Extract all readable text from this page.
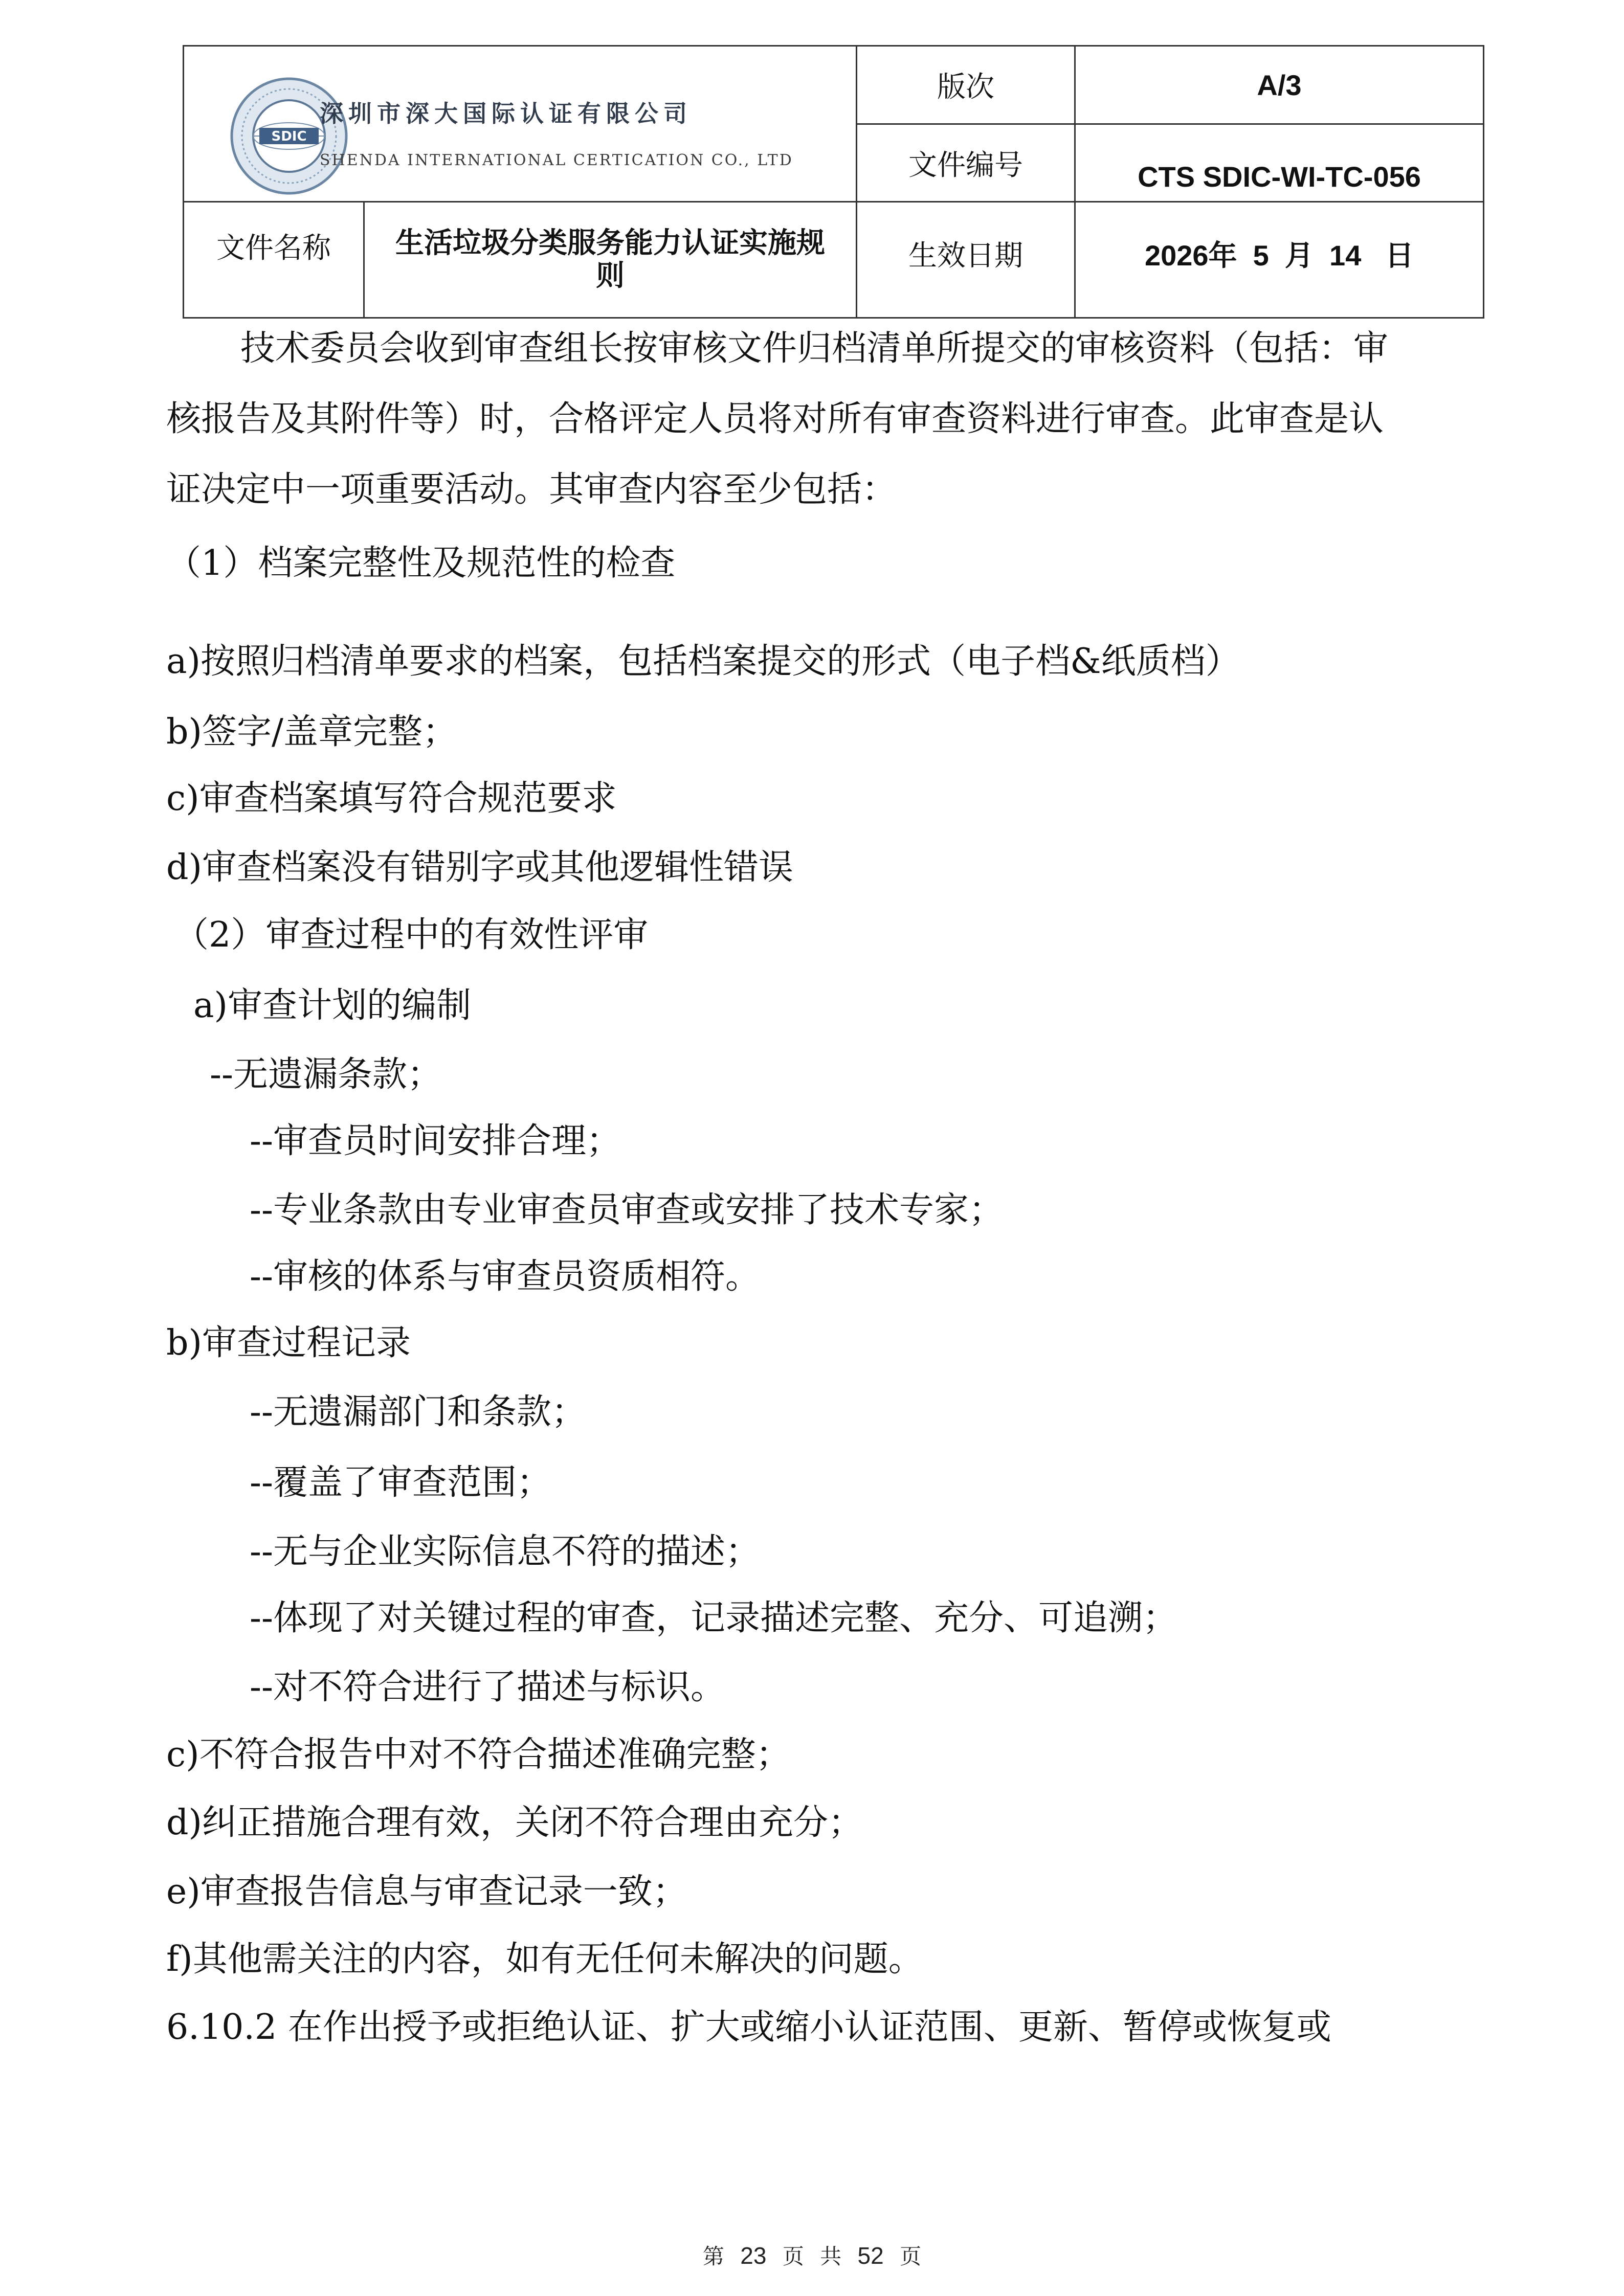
SDIC
深圳市深大国际认证有限公司
SHENDA INTERNATIONAL CERTICATION CO., LTD
版次	A/3
文件编号	CTS SDIC-WI-TC-056
文件名称	生活垃圾分类服务能力认证实施规
则
生效日期	2026年  5  月  14   日
技术委员会收到审查组长按审核文件归档清单所提交的审核资料（包括：审
核报告及其附件等）时，合格评定人员将对所有审查资料进行审查。此审查是认
证决定中一项重要活动。其审查内容至少包括：
（1）档案完整性及规范性的检查
a)按照归档清单要求的档案，包括档案提交的形式（电子档&纸质档）
b)签字/盖章完整；
c)审查档案填写符合规范要求
d)审查档案没有错别字或其他逻辑性错误
（2）审查过程中的有效性评审
a)审查计划的编制
--无遗漏条款；
--审查员时间安排合理；
--专业条款由专业审查员审查或安排了技术专家；
--审核的体系与审查员资质相符。
b)审查过程记录
--无遗漏部门和条款；
--覆盖了审查范围；
--无与企业实际信息不符的描述；
--体现了对关键过程的审查，记录描述完整、充分、可追溯；
--对不符合进行了描述与标识。
c)不符合报告中对不符合描述准确完整；
d)纠正措施合理有效，关闭不符合理由充分；
e)审查报告信息与审查记录一致；
f)其他需关注的内容，如有无任何未解决的问题。
6.10.2 在作出授予或拒绝认证、扩大或缩小认证范围、更新、暂停或恢复或
第 23 页 共 52 页
